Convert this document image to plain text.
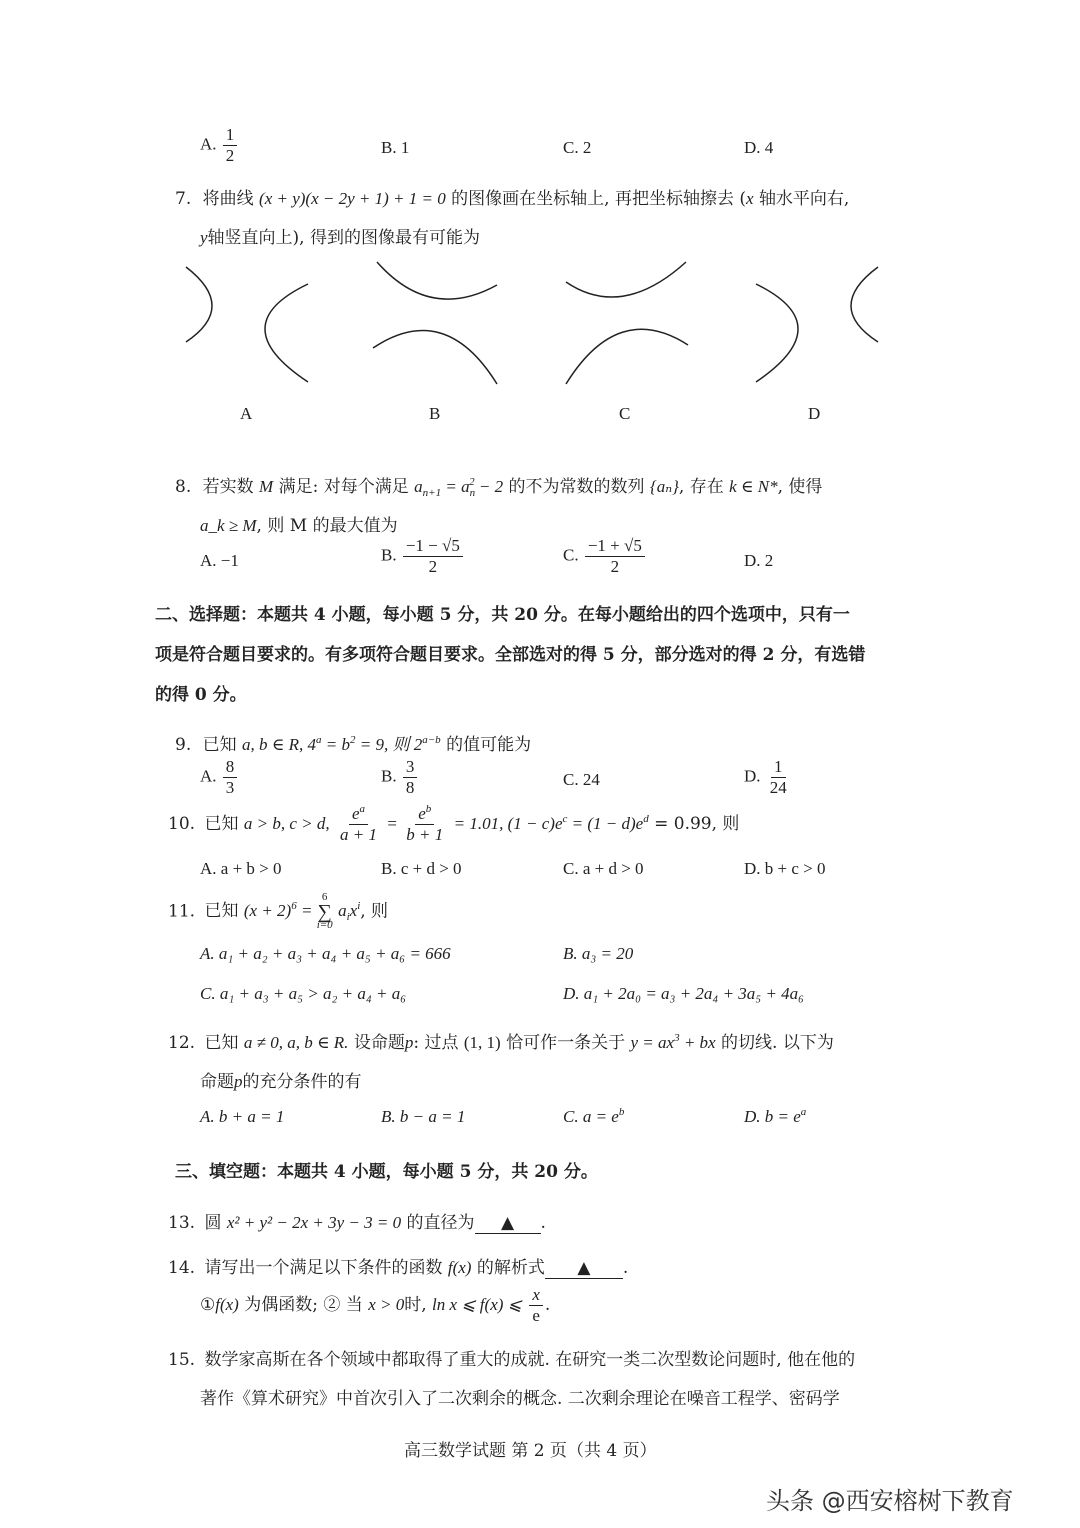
A. $\frac{1}{2}$	B. 1	C. 2	D. 4
7. 将曲线 (x + y)(x − 2y + 1) + 1 = 0 的图像画在坐标轴上, 再把坐标轴擦去 (x 轴水平向右,
y轴竖直向上), 得到的图像最有可能为
A	B	C	D
8. 若实数 M 满足: 对每个满足 $a_{n+1} = a_n^2 - 2$ 的不为常数的数列 {aₙ}, 存在 k ∈ N*, 使得
a_k ≥ M, 则 M 的最大值为
A. −1	B. $\frac{-1 - √5}{2}$	C. $\frac{-1 + √5}{2}$	D. 2
二、选择题：本题共 4 小题，每小题 5 分，共 20 分。在每小题给出的四个选项中，只有一
项是符合题目要求的。有多项符合题目要求。全部选对的得 5 分，部分选对的得 2 分，有选错
的得 0 分。
9. 已知 a, b ∈ R, $4^a = b^2 = 9$, 则 $2^{a-b}$ 的值可能为
A. $\frac{8}{3}$	B. $\frac{3}{8}$	C. 24	D. $\frac{1}{24}$
10. 已知 a > b, c > d, $\frac{e^a}{a + 1} = \frac{e^b}{b + 1} = 1.01$, $(1 - c)e^c = (1 - d)e^d = 0.99$, 则
A. a + b > 0	B. c + d > 0	C. a + d > 0	D. b + c > 0
11. 已知 $(x + 2)^6$ =
6
∑
i=0
$a_ix^i$, 则
A. a₁ + a₂ + a₃ + a₄ + a₅ + a₆ = 666	B. a₃ = 20
C. a₁ + a₃ + a₅ > a₂ + a₄ + a₆	D. a₁ + 2a₀ = a₃ + 2a₄ + 3a₅ + 4a₆
12. 已知 a ≠ 0, a, b ∈ R. 设命题p: 过点 (1, 1) 恰可作一条关于 $y = ax^3$ + bx 的切线. 以下为
命题p的充分条件的有
A. b + a = 1	B. b − a = 1	C. $a = e^b$	D. $b = e^a$
三、填空题：本题共 4 小题，每小题 5 分，共 20 分。
13. 圆 x² + y² − 2x + 3y − 3 = 0 的直径为 ▲ .
14. 请写出一个满足以下条件的函数 f(x) 的解析式 ▲ .
①f(x) 为偶函数; ② 当 x > 0时, ln x ⩽ f(x) ⩽ $\frac{x}{e}$ .
15. 数学家高斯在各个领域中都取得了重大的成就. 在研究一类二次型数论问题时, 他在他的
著作《算术研究》中首次引入了二次剩余的概念. 二次剩余理论在噪音工程学、密码学
高三数学试题 第 2 页（共 4 页）
头条 @西安榕树下教育
